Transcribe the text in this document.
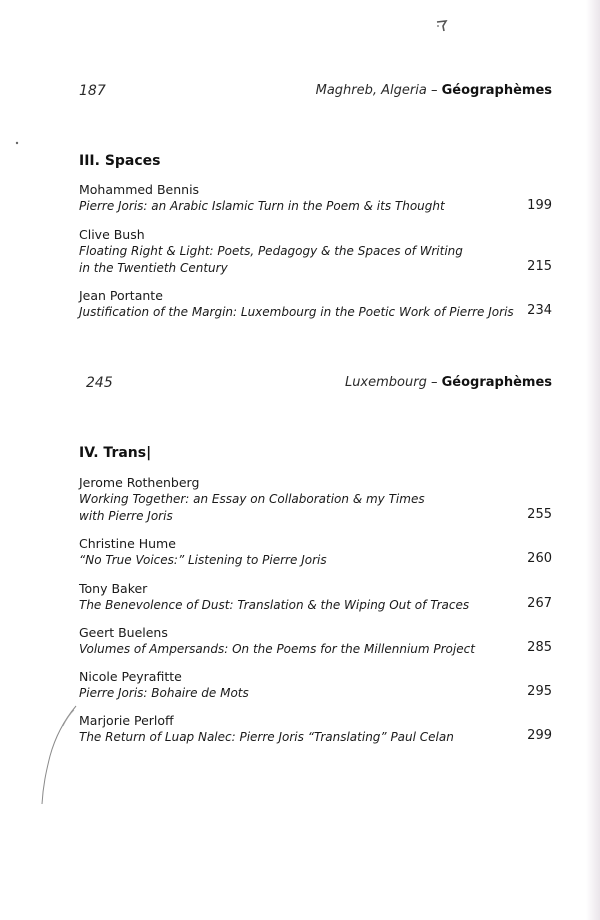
187	Maghreb, Algeria – Géographèmes
III. Spaces
Mohammed Bennis
Pierre Joris: an Arabic Islamic Turn in the Poem & its Thought	199
Clive Bush
Floating Right & Light: Poets, Pedagogy & the Spaces of Writing
in the Twentieth Century	215
Jean Portante
Justification of the Margin: Luxembourg in the Poetic Work of Pierre Joris	234
245	Luxembourg – Géographèmes
IV. Trans|
Jerome Rothenberg
Working Together: an Essay on Collaboration & my Times
with Pierre Joris	255
Christine Hume
“No True Voices:” Listening to Pierre Joris	260
Tony Baker
The Benevolence of Dust: Translation & the Wiping Out of Traces	267
Geert Buelens
Volumes of Ampersands: On the Poems for the Millennium Project	285
Nicole Peyrafitte
Pierre Joris: Bohaire de Mots	295
Marjorie Perloff
The Return of Luap Nalec: Pierre Joris “Translating” Paul Celan	299
